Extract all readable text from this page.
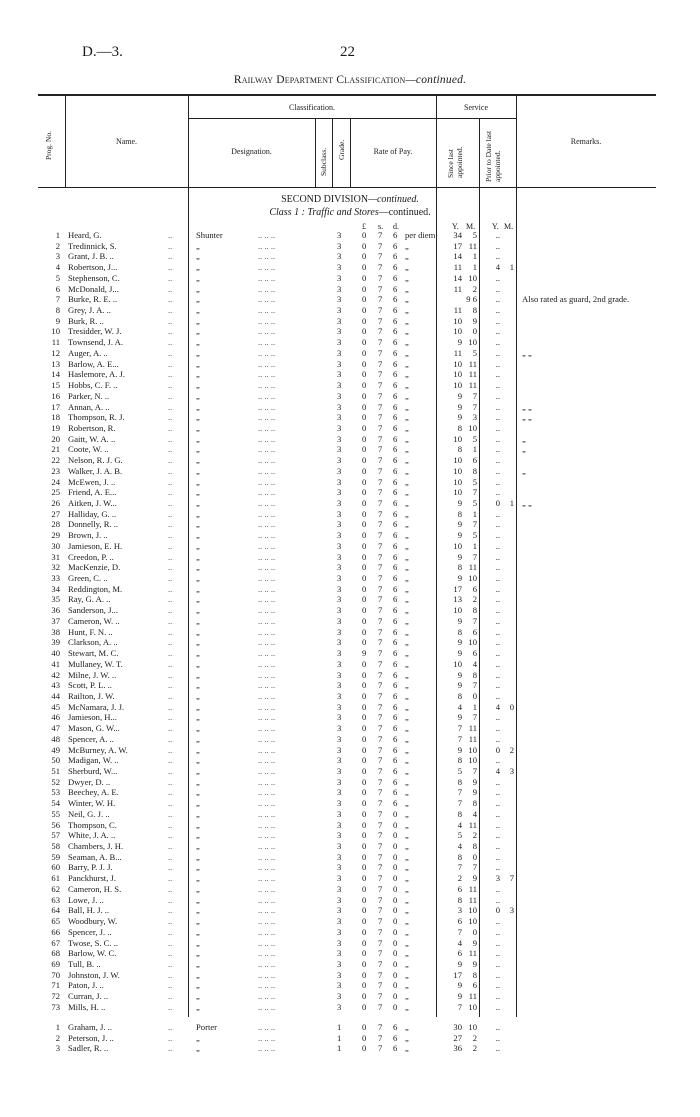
D.—3.	22
Railway Department Classification—continued.
Prog. No.	Name.
Classification.
Designation.	Subclass. Grade.	Rate of Pay.
Service
Since last appointed.	Prior to Date last appointed.
Remarks.
SECOND DIVISION—continued.
Class 1 : Traffic and Stores—continued.
£ s. d.	Y. M. Y. M.
1 Heard, G.	..	Shunter	.. .. ..	3 0 7 6 per diem	34	5	..
2 Tredinnick, S.	..	„	.. .. ..	3 0 7 6 „	17 11	..
3 Grant, J. B. ..	..	„	.. .. ..	3 0 7 6 „	14	1	..
4 Robertson, J...	..	„	.. .. ..	3 0 7 6 „	11	1	4	1
5 Stephenson, C.	..	„	.. .. ..	3 0 7 6 „	14 10	..
6 McDonald, J...	..	„	.. .. ..	3 0 7 6 „	11	2	..
7 Burke, R. E. ..	..	„	.. .. ..	3 0 7 6 „	9 6	..	Also rated as guard, 2nd grade.
8 Grey, J. A. ..	..	„	.. .. ..	3 0 7 6 „	11	8	..
9 Burk, R. ..	..	„	.. .. ..	3 0 7 6 „	10	9	..
10 Tresidder, W. J.	..	„	.. .. ..	3 0 7 6 „	10	0	..
11 Townsend, J. A.	..	„	.. .. ..	3 0 7 6 „	9 10	..
12 Auger, A. ..	..	„	.. .. ..	3 0 7 6 „	11	5	..	„ „
13 Barlow, A. E...	..	„	.. .. ..	3 0 7 6 „	10 11	..
14 Haslemore, A. J.	..	„	.. .. ..	3 0 7 6 „	10 11	..
15 Hobbs, C. F. ..	..	„	.. .. ..	3 0 7 6 „	10 11	..
16 Parker, N. ..	..	„	.. .. ..	3 0 7 6 „	9	7	..
17 Annan, A. ..	..	„	.. .. ..	3 0 7 6 „	9	7	..	„ „
18 Thompson, R. J.	..	„	.. .. ..	3 0 7 6 „	9	3	..	„ „
19 Robertson, R.	..	„	.. .. ..	3 0 7 6 „	8 10	..
20 Gaitt, W. A. ..	..	„	.. .. ..	3 0 7 6 „	10	5	..	„
21 Coote, W. ..	..	„	.. .. ..	3 0 7 6 „	8	1	..	„
22 Nelson, R. J. G.	..	„	.. .. ..	3 0 7 6 „	10	6	..
23 Walker, J. A. B.	..	„	.. .. ..	3 0 7 6 „	10	8	..	„
24 McEwen, J. ..	..	„	.. .. ..	3 0 7 6 „	10	5	..
25 Friend, A. E...	..	„	.. .. ..	3 0 7 6 „	10	7	..
26 Aitken, J. W...	..	„	.. .. ..	3 0 7 6 „	9	5	0	1 „ „
27 Halliday, G. ..	..	„	.. .. ..	3 0 7 6 „	8	1	..
28 Donnelly, R. ..	..	„	.. .. ..	3 0 7 6 „	9	7	..
29 Brown, J. ..	..	„	.. .. ..	3 0 7 6 „	9	5	..
30 Jamieson, E. H.	..	„	.. .. ..	3 0 7 6 „	10	1	..
31 Creedon, P. ..	..	„	.. .. ..	3 0 7 6 „	9	7	..
32 MacKenzie, D.	..	„	.. .. ..	3 0 7 6 „	8 11	..
33 Green, C. ..	..	„	.. .. ..	3 0 7 6 „	9 10	..
34 Reddington, M.	..	„	.. .. ..	3 0 7 6 „	17	6	..
35 Ray, G. A. ..	..	„	.. .. ..	3 0 7 6 „	13	2	..
36 Sanderson, J...	..	„	.. .. ..	3 0 7 6 „	10	8	..
37 Cameron, W. ..	..	„	.. .. ..	3 0 7 6 „	9	7	..
38 Hunt, F. N. ..	..	„	.. .. ..	3 0 7 6 „	8	6	..
39 Clarkson, A. ..	..	„	.. .. ..	3 0 7 6 „	9 10	..
40 Stewart, M. C.	..	„	.. .. ..	3 9 7 6 „	9	6	..
41 Mullaney, W. T.	..	„	.. .. ..	3 0 7 6 „	10	4	..
42 Milne, J. W. ..	..	„	.. .. ..	3 0 7 6 „	9	8	..
43 Scott, P. L. ..	..	„	.. .. ..	3 0 7 6 „	9	7	..
44 Railton, J. W.	..	„	.. .. ..	3 0 7 6 „	8	0	..
45 McNamara, J. J.	..	„	.. .. ..	3 0 7 6 „	4	1	4	0
46 Jamieson, H...	..	„	.. .. ..	3 0 7 6 „	9	7	..
47 Mason, G. W...	..	„	.. .. ..	3 0 7 6 „	7 11	..
48 Spencer, A. ..	..	„	.. .. ..	3 0 7 6 „	7 11	..
49 McBurney, A. W.	..	„	.. .. ..	3 0 7 6 „	9 10	0	2
50 Madigan, W. ..	..	„	.. .. ..	3 0 7 6 „	8 10	..
51 Sherburd, W...	..	„	.. .. ..	3 0 7 6 „	5	7	4	3
52 Dwyer, D. ..	..	„	.. .. ..	3 0 7 6 „	8	9	..
53 Beechey, A. E.	..	„	.. .. ..	3 0 7 6 „	7	9	..
54 Winter, W. H.	..	„	.. .. ..	3 0 7 6 „	7	8	..
55 Neil, G. J. ..	..	„	.. .. ..	3 0 7 0 „	8	4	..
56 Thompson, C.	..	„	.. .. ..	3 0 7 0 „	4 11	..
57 White, J. A. ..	..	„	.. .. ..	3 0 7 0 „	5	2	..
58 Chambers, J. H.	..	„	.. .. ..	3 0 7 0 „	4	8	..
59 Seaman, A. B...	..	„	.. .. ..	3 0 7 0 „	8	0	..
60 Barry, P. J. J.	..	„	.. .. ..	3 0 7 0 „	7	7	..
61 Panckhurst, J.	..	„	.. .. ..	3 0 7 0 „	2	9	3	7
62 Cameron, H. S.	..	„	.. .. ..	3 0 7 0 „	6 11	..
63 Lowe, J. ..	..	„	.. .. ..	3 0 7 0 „	8 11	..
64 Ball, H. J. ..	..	„	.. .. ..	3 0 7 0 „	3 10	0	3
65 Woodbury, W.	..	„	.. .. ..	3 0 7 0 „	6 10	..
66 Spencer, J. ..	..	„	.. .. ..	3 0 7 0 „	7	0	..
67 Twose, S. C. ..	..	„	.. .. ..	3 0 7 0 „	4	9	..
68 Barlow, W. C.	..	„	.. .. ..	3 0 7 0 „	6 11	..
69 Tull, B. ..	..	„	.. .. ..	3 0 7 0 „	9	9	..
70 Johnston, J. W.	..	„	.. .. ..	3 0 7 0 „	17	8	..
71 Paton, J. ..	..	„	.. .. ..	3 0 7 0 „	9	6	..
72 Curran, J. ..	..	„	.. .. ..	3 0 7 0 „	9 11	..
73 Mills, H. ..	..	„	.. .. ..	3 0 7 0 „	7 10	..
1 Graham, J. ..	..	Porter	.. .. ..	1 0 7 6 „	30 10	..
2 Peterson, J. ..	..	„	.. .. ..	1 0 7 6 „	27	2	..
3 Sadler, R. ..	..	„	.. .. ..	1 0 7 6 „	36	2	..
